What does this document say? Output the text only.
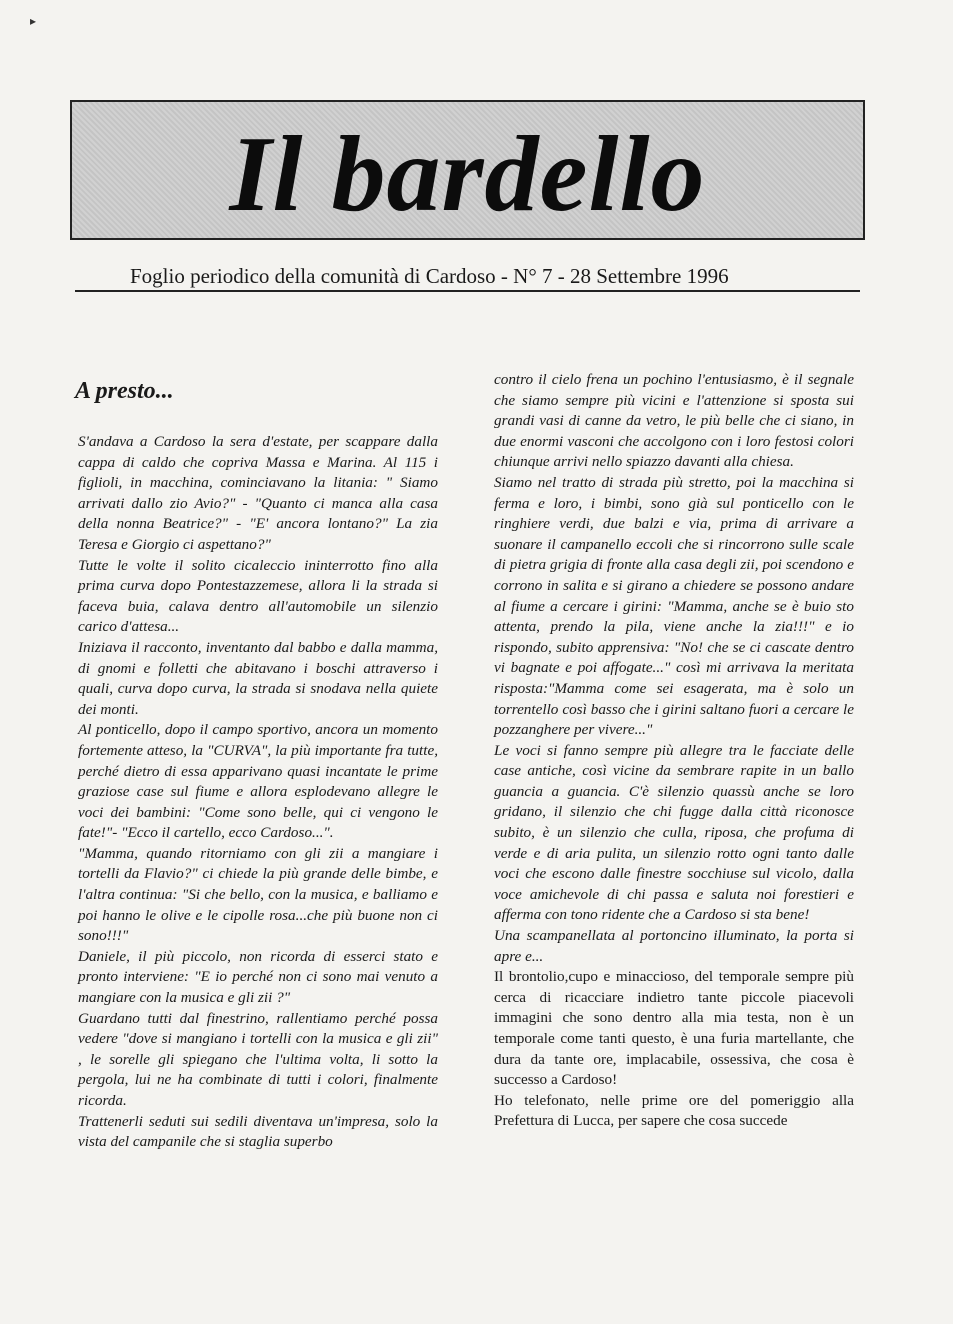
▸
Il bardello
Foglio periodico della comunità di Cardoso - N° 7 - 28 Settembre 1996
A presto...

S'andava a Cardoso la sera d'estate, per scappare dalla cappa di caldo che copriva Massa e Marina. Al 115 i figlioli, in macchina, cominciavano la litania: " Siamo arrivati dallo zio Avio?" - "Quanto ci manca alla casa della nonna Beatrice?" - "E' ancora lontano?" La zia Teresa e Giorgio ci aspettano?"

Tutte le volte il solito cicaleccio ininterrotto fino alla prima curva dopo Pontestazzemese, allora li la strada si faceva buia, calava dentro all'automobile un silenzio carico d'attesa...

Iniziava il racconto, inventanto dal babbo e dalla mamma, di gnomi e folletti che abitavano i boschi attraverso i quali, curva dopo curva, la strada si snodava nella quiete dei monti.

Al ponticello, dopo il campo sportivo, ancora un momento fortemente atteso, la "CURVA", la più importante fra tutte, perché dietro di essa apparivano quasi incantate le prime graziose case sul fiume e allora esplodevano allegre le voci dei bambini: "Come sono belle, qui ci vengono le fate!"- "Ecco il cartello, ecco Cardoso...".

"Mamma, quando ritorniamo con gli zii a mangiare i tortelli da Flavio?" ci chiede la più grande delle bimbe, e l'altra continua: "Si che bello, con la musica, e balliamo e poi hanno le olive e le cipolle rosa...che più buone non ci sono!!!"

Daniele, il più piccolo, non ricorda di esserci stato e pronto interviene: "E io perché non ci sono mai venuto a mangiare con la musica e gli zii ?"

Guardano tutti dal finestrino, rallentiamo perché possa vedere "dove si mangiano i tortelli con la musica e gli zii" , le sorelle gli spiegano che l'ultima volta, li sotto la pergola, lui ne ha combinate di tutti i colori, finalmente ricorda.

Trattenerli seduti sui sedili diventava un'impresa, solo la vista del campanile che si staglia superbo

contro il cielo frena un pochino l'entusiasmo, è il segnale che siamo sempre più vicini e l'attenzione si sposta sui grandi vasi di canne da vetro, le più belle che ci siano, in due enormi vasconi che accolgono con i loro festosi colori chiunque arrivi nello spiazzo davanti alla chiesa.

Siamo nel tratto di strada più stretto, poi la macchina si ferma e loro, i bimbi, sono già sul ponticello con le ringhiere verdi, due balzi e via, prima di arrivare a suonare il campanello eccoli che si rincorrono sulle scale di pietra grigia di fronte alla casa degli zii, poi scendono e corrono in salita e si girano a chiedere se possono andare al fiume a cercare i girini: "Mamma, anche se è buio sto attenta, prendo la pila, viene anche la zia!!!" e io rispondo, subito apprensiva: "No! che se ci cascate dentro vi bagnate e poi affogate..." così mi arrivava la meritata risposta:"Mamma come sei esagerata, ma è solo un torrentello così basso che i girini saltano fuori a cercare le pozzanghere per vivere..."

Le voci si fanno sempre più allegre tra le facciate delle case antiche, così vicine da sembrare rapite in un ballo guancia a guancia. C'è silenzio quassù anche se loro gridano, il silenzio che chi fugge dalla città riconosce subito, è un silenzio che culla, riposa, che profuma di verde e di aria pulita, un silenzio rotto ogni tanto dalle voci che escono dalle finestre socchiuse sul vicolo, dalla voce amichevole di chi passa e saluta noi forestieri e afferma con tono ridente che a Cardoso si sta bene!

Una scampanellata al portoncino illuminato, la porta si apre e...

Il brontolio,cupo e minaccioso, del temporale sempre più cerca di ricacciare indietro tante piccole piacevoli immagini che sono dentro alla mia testa, non è un temporale come tanti questo, è una furia martellante, che dura da tante ore, implacabile, ossessiva, che cosa è successo a Cardoso!

Ho telefonato, nelle prime ore del pomeriggio alla Prefettura di Lucca, per sapere che cosa succede
